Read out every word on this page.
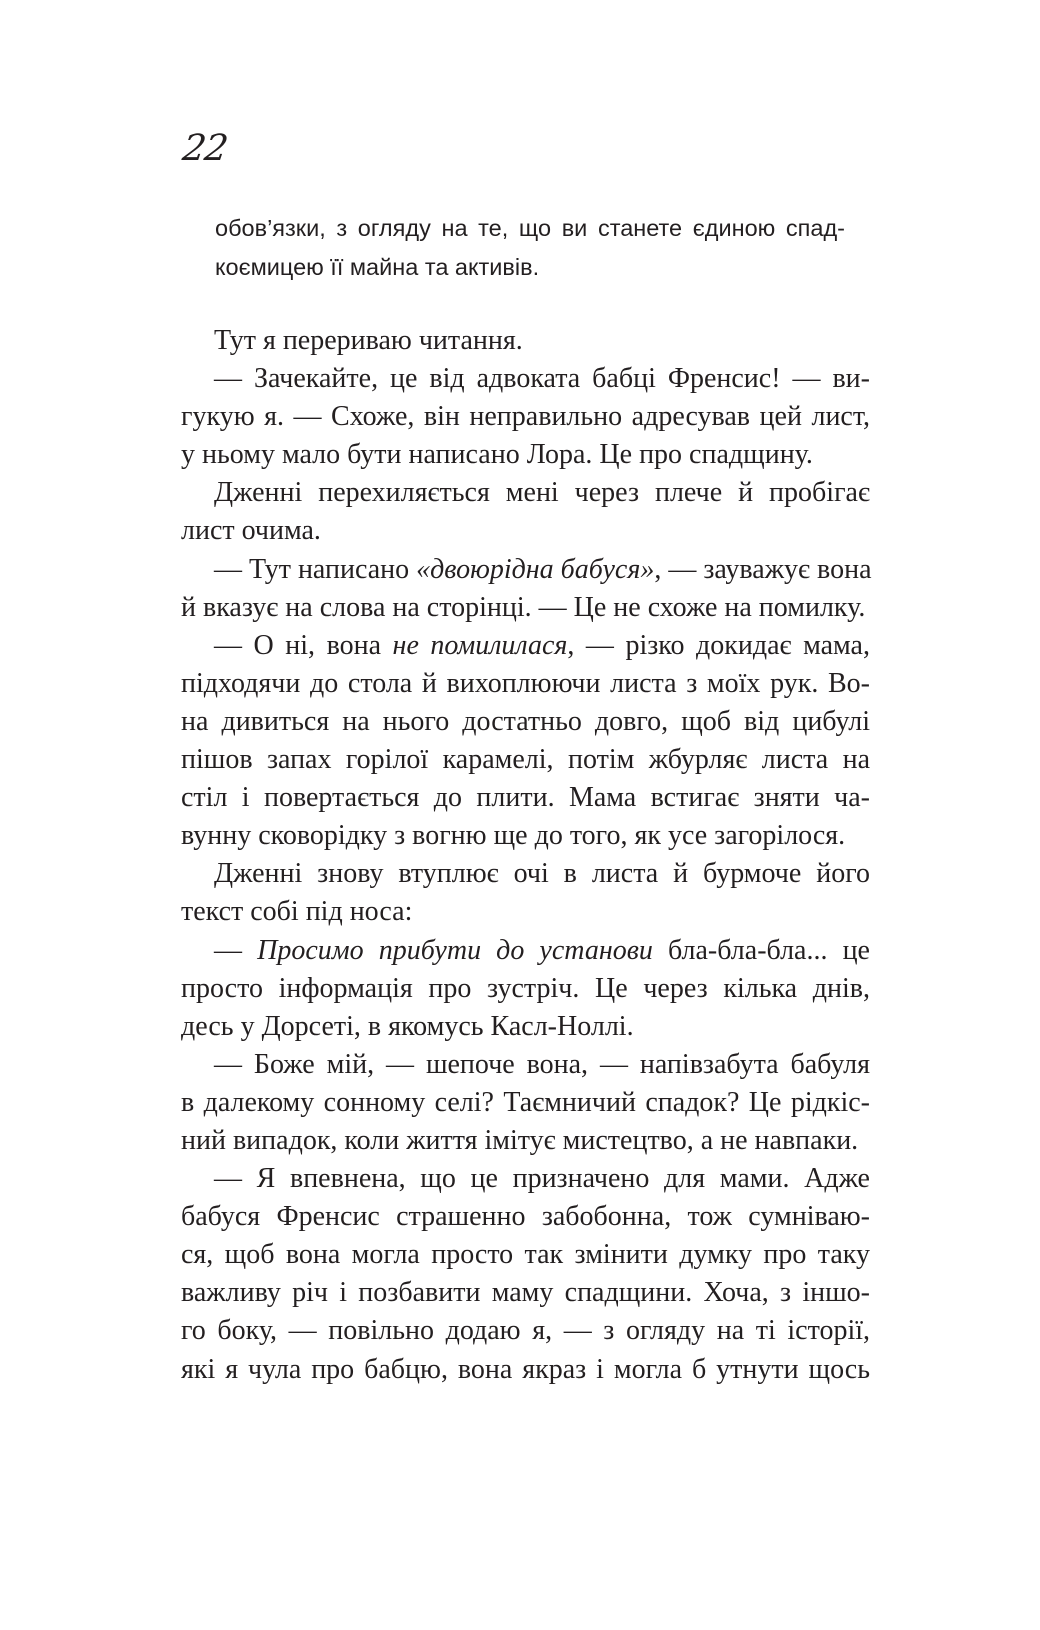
22
обов’язки, з огляду на те, що ви станете єдиною спад-
коємицею її майна та активів.
Тут я перериваю читання.
— Зачекайте, це від адвоката бабці Френсис! — ви-
гукую я. — Схоже, він неправильно адресував цей лист,
у ньому мало бути написано Лора. Це про спадщину.
Дженні перехиляється мені через плече й пробігає
лист очима.
— Тут написано «двоюрідна бабуся», — зауважує вона
й вказує на слова на сторінці. — Це не схоже на помилку.
— О ні, вона не помилилася, — різко докидає мама,
підходячи до стола й вихоплюючи листа з моїх рук. Во-
на дивиться на нього достатньо довго, щоб від цибулі
пішов запах горілої карамелі, потім жбурляє листа на
стіл і повертається до плити. Мама встигає зняти ча-
вунну сковорідку з вогню ще до того, як усе загорілося.
Дженні знову втуплює очі в листа й бурмоче його
текст собі під носа:
— Просимо прибути до установи бла-бла-бла... це
просто інформація про зустріч. Це через кілька днів,
десь у Дорсеті, в якомусь Касл-Ноллі.
— Боже мій, — шепоче вона, — напівзабута бабуля
в далекому сонному селі? Таємничий спадок? Це рідкіс-
ний випадок, коли життя імітує мистецтво, а не навпаки.
— Я впевнена, що це призначено для мами. Адже
бабуся Френсис страшенно забобонна, тож сумніваю-
ся, щоб вона могла просто так змінити думку про таку
важливу річ і позбавити маму спадщини. Хоча, з іншо-
го боку, — повільно додаю я, — з огляду на ті історії,
які я чула про бабцю, вона якраз і могла б утнути щось
